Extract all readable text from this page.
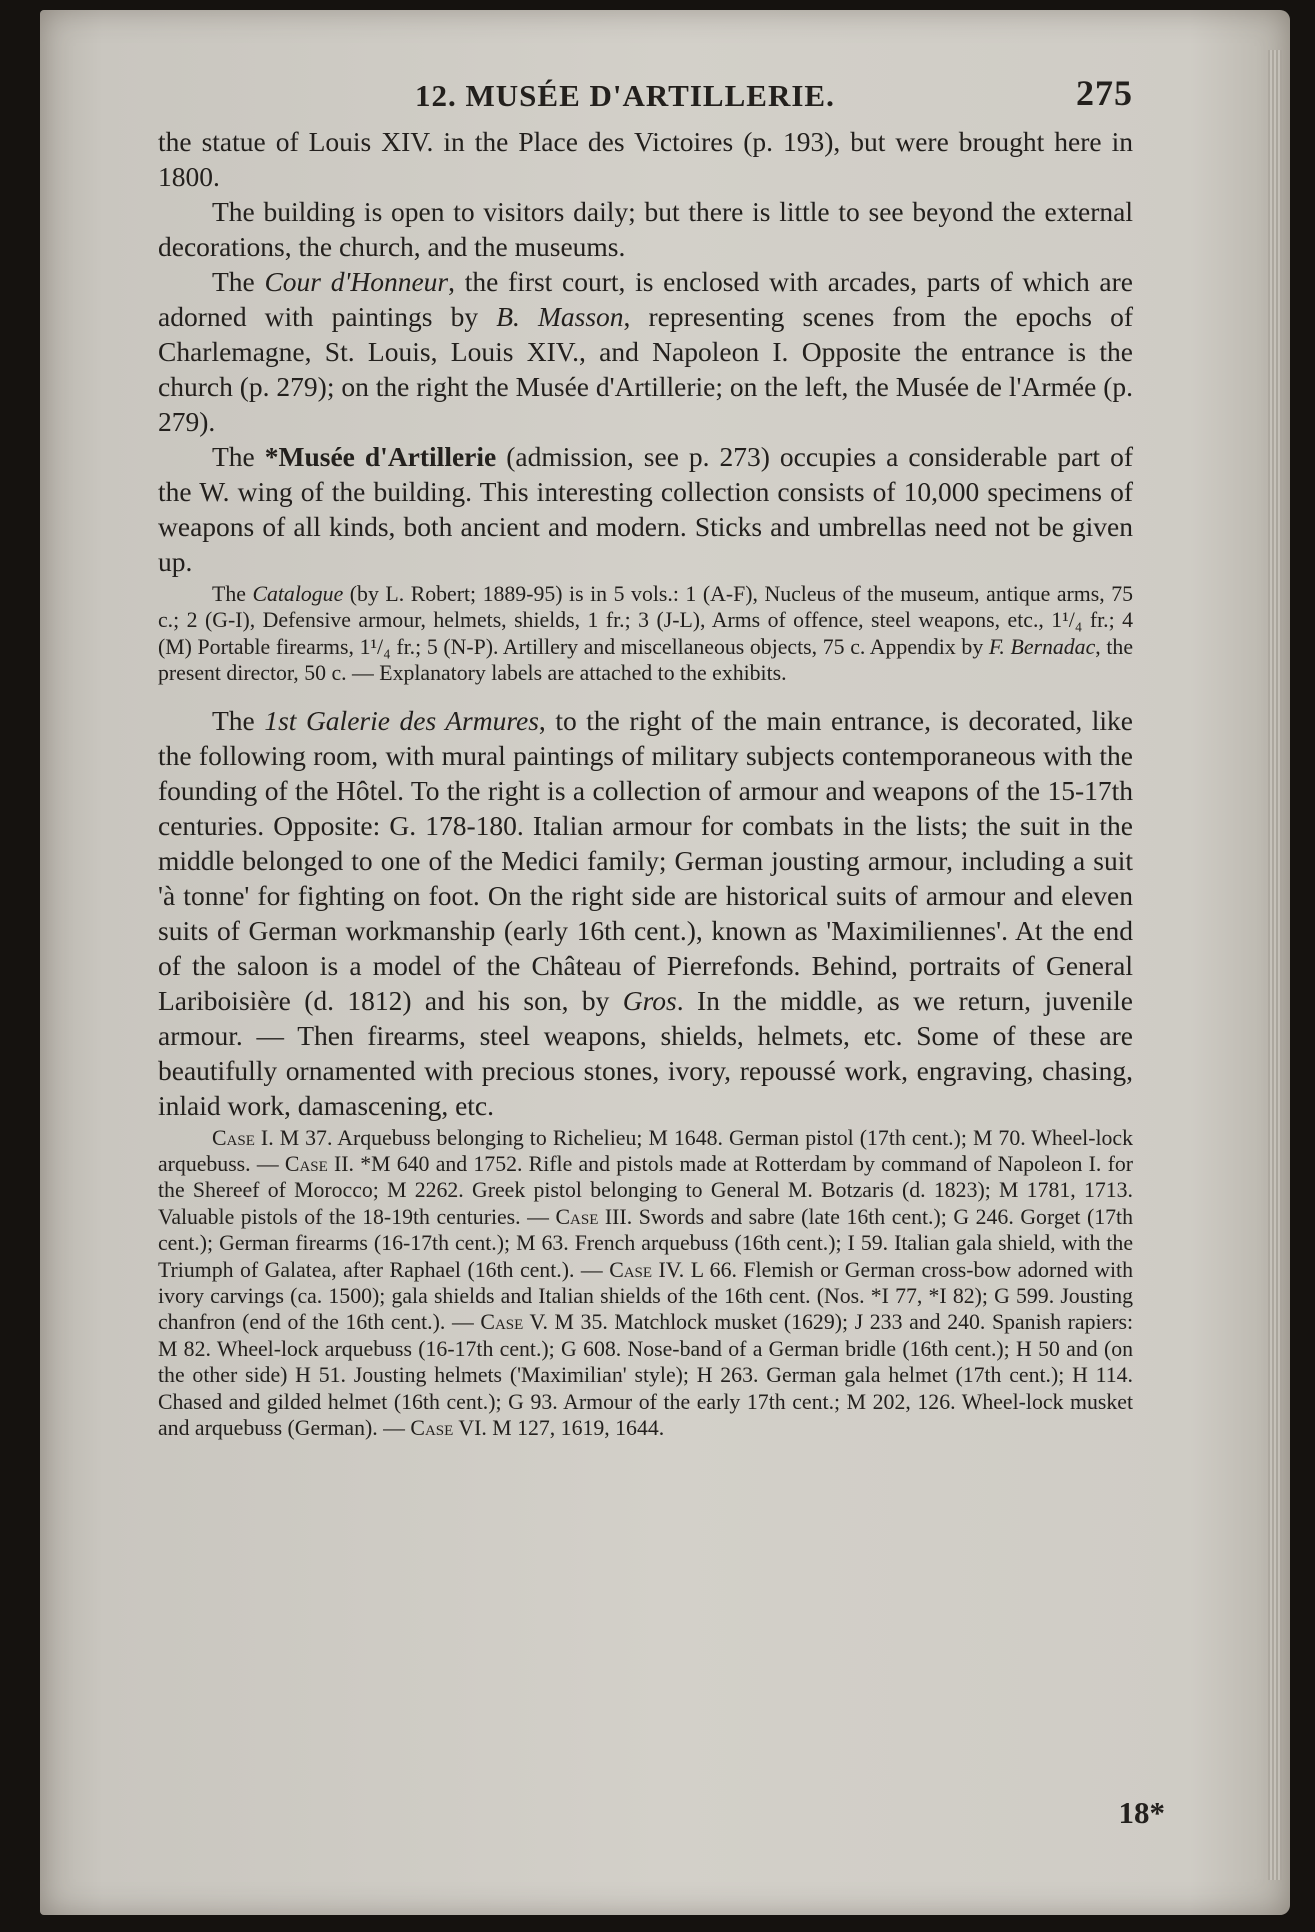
12. MUSÉE D'ARTILLERIE.	275

the statue of Louis XIV. in the Place des Victoires (p. 193), but were brought here in 1800.

The building is open to visitors daily; but there is little to see beyond the external decorations, the church, and the museums.

The Cour d'Honneur, the first court, is enclosed with arcades, parts of which are adorned with paintings by B. Masson, representing scenes from the epochs of Charlemagne, St. Louis, Louis XIV., and Napoleon I. Opposite the entrance is the church (p. 279); on the right the Musée d'Artillerie; on the left, the Musée de l'Armée (p. 279).

The *Musée d'Artillerie (admission, see p. 273) occupies a considerable part of the W. wing of the building. This interesting collection consists of 10,000 specimens of weapons of all kinds, both ancient and modern. Sticks and umbrellas need not be given up.

The Catalogue (by L. Robert; 1889-95) is in 5 vols.: 1 (A-F), Nucleus of the museum, antique arms, 75 c.; 2 (G-I), Defensive armour, helmets, shields, 1 fr.; 3 (J-L), Arms of offence, steel weapons, etc., 1¹/₄ fr.; 4 (M) Portable firearms, 1¹/₄ fr.; 5 (N-P). Artillery and miscellaneous objects, 75 c. Appendix by F. Bernadac, the present director, 50 c. — Explanatory labels are attached to the exhibits.

The 1st Galerie des Armures, to the right of the main entrance, is decorated, like the following room, with mural paintings of military subjects contemporaneous with the founding of the Hôtel. To the right is a collection of armour and weapons of the 15-17th centuries. Opposite: G. 178-180. Italian armour for combats in the lists; the suit in the middle belonged to one of the Medici family; German jousting armour, including a suit 'à tonne' for fighting on foot. On the right side are historical suits of armour and eleven suits of German workmanship (early 16th cent.), known as 'Maximiliennes'. At the end of the saloon is a model of the Château of Pierrefonds. Behind, portraits of General Lariboisière (d. 1812) and his son, by Gros. In the middle, as we return, juvenile armour. — Then firearms, steel weapons, shields, helmets, etc. Some of these are beautifully ornamented with precious stones, ivory, repoussé work, engraving, chasing, inlaid work, damascening, etc.

Case I. M 37. Arquebuss belonging to Richelieu; M 1648. German pistol (17th cent.); M 70. Wheel-lock arquebuss. — Case II. *M 640 and 1752. Rifle and pistols made at Rotterdam by command of Napoleon I. for the Shereef of Morocco; M 2262. Greek pistol belonging to General M. Botzaris (d. 1823); M 1781, 1713. Valuable pistols of the 18-19th centuries. — Case III. Swords and sabre (late 16th cent.); G 246. Gorget (17th cent.); German firearms (16-17th cent.); M 63. French arquebuss (16th cent.); I 59. Italian gala shield, with the Triumph of Galatea, after Raphael (16th cent.). — Case IV. L 66. Flemish or German cross-bow adorned with ivory carvings (ca. 1500); gala shields and Italian shields of the 16th cent. (Nos. *I 77, *I 82); G 599. Jousting chanfron (end of the 16th cent.). — Case V. M 35. Matchlock musket (1629); J 233 and 240. Spanish rapiers: M 82. Wheel-lock arquebuss (16-17th cent.); G 608. Nose-band of a German bridle (16th cent.); H 50 and (on the other side) H 51. Jousting helmets ('Maximilian' style); H 263. German gala helmet (17th cent.); H 114. Chased and gilded helmet (16th cent.); G 93. Armour of the early 17th cent.; M 202, 126. Wheel-lock musket and arquebuss (German). — Case VI. M 127, 1619, 1644.

18*
